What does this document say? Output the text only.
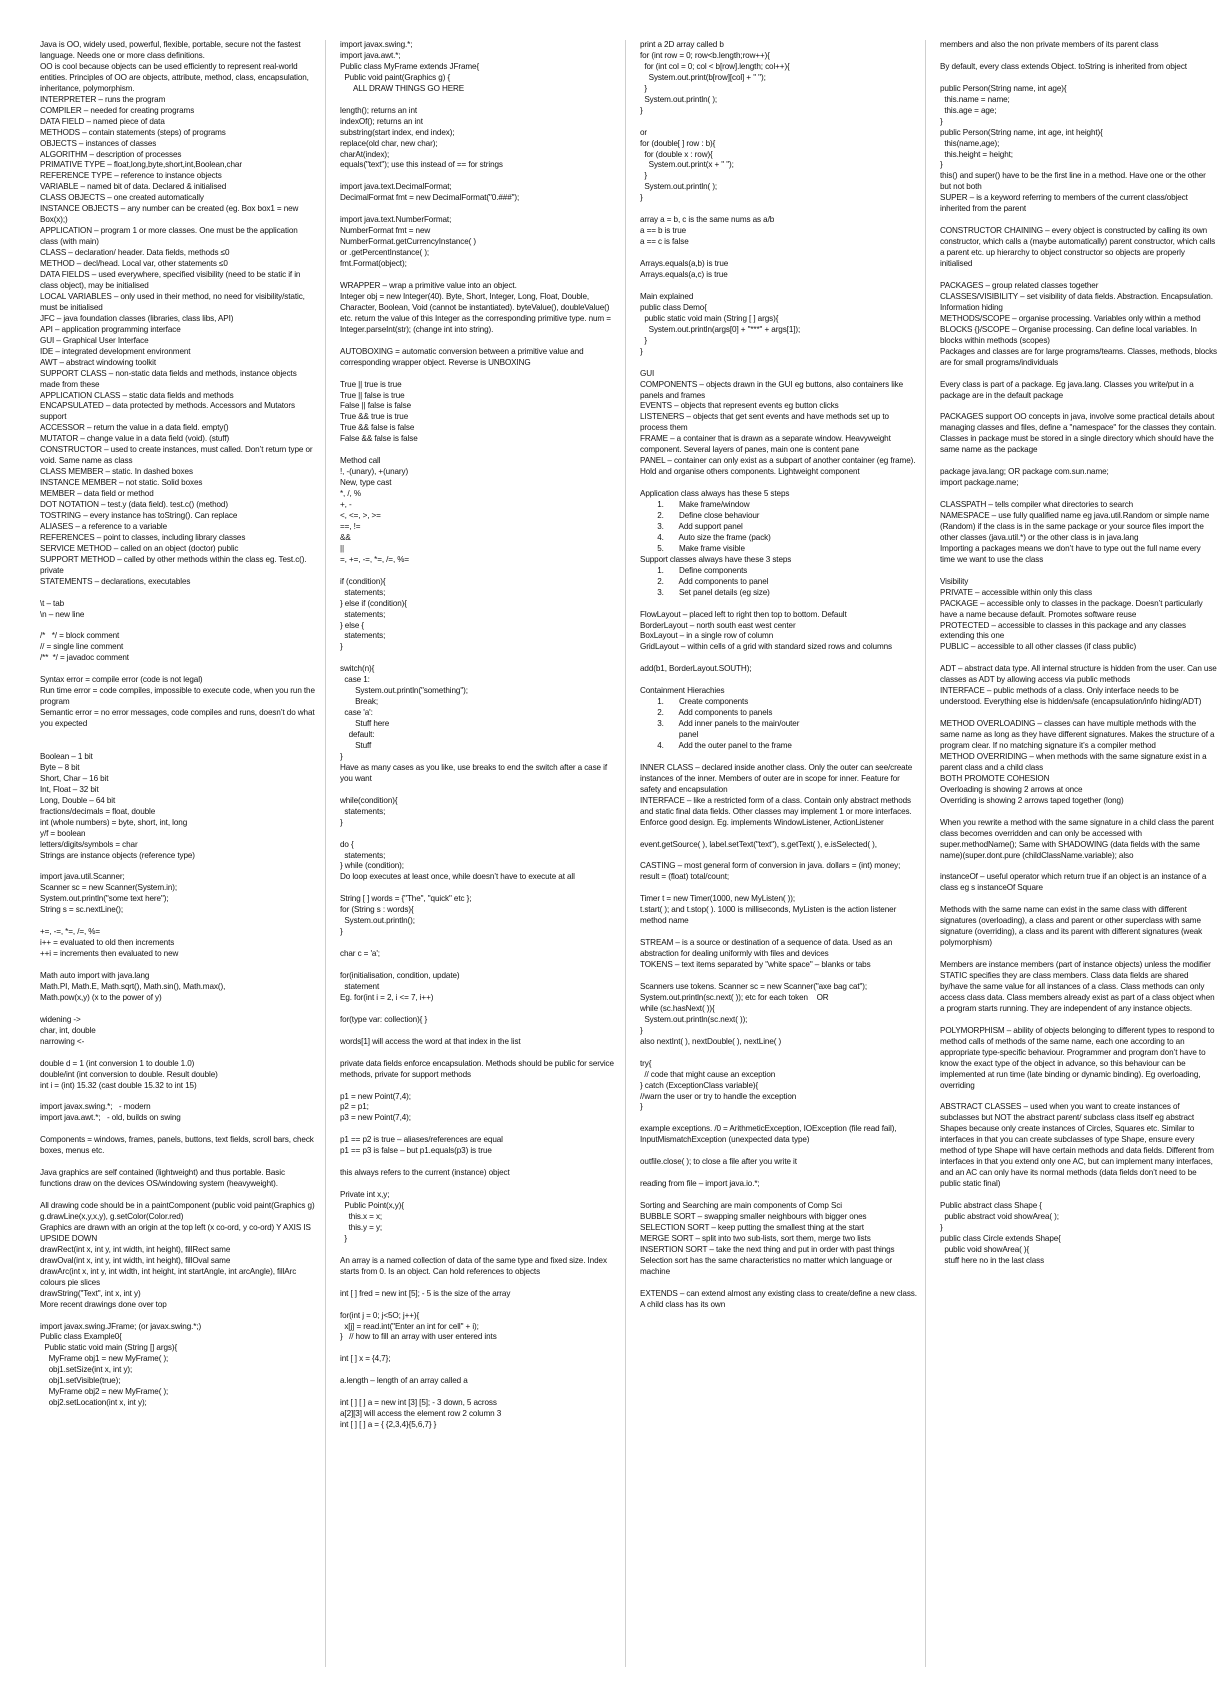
Java is OO, widely used, powerful, flexible, portable, secure not the fastest language. Needs one or more class definitions.
OO is cool because objects can be used efficiently to represent real-world entities. Principles of OO are objects, attribute, method, class, encapsulation, inheritance, polymorphism.
INTERPRETER – runs the program
COMPILER – needed for creating programs
DATA FIELD – named piece of data
METHODS – contain statements (steps) of programs
OBJECTS – instances of classes
ALGORITHM – description of processes
PRIMATIVE TYPE – float,long,byte,short,int,Boolean,char
REFERENCE TYPE – reference to instance objects
VARIABLE – named bit of data. Declared & initialised
CLASS OBJECTS – one created automatically
INSTANCE OBJECTS – any number can be created (eg. Box box1 = new Box(x);)
APPLICATION – program 1 or more classes. One must be the application class (with main)
CLASS – declaration/ header. Data fields, methods ≤0
METHOD – decl/head. Local var, other statements ≤0
DATA FIELDS – used everywhere, specified visibility (need to be static if in class object), may be initialised
LOCAL VARIABLES – only used in their method, no need for visibility/static, must be initialised
JFC – java foundation classes (libraries, class libs, API)
API – application programming interface
GUI – Graphical User Interface
IDE – integrated development environment
AWT – abstract windowing toolkit
SUPPORT CLASS – non-static data fields and methods, instance objects made from these
APPLICATION CLASS – static data fields and methods
ENCAPSULATED – data protected by methods. Accessors and Mutators support
ACCESSOR – return the value in a data field. empty()
MUTATOR – change value in a data field (void). (stuff)
CONSTRUCTOR – used to create instances, must called. Don’t return type or void. Same name as class
CLASS MEMBER – static. In dashed boxes
INSTANCE MEMBER – not static. Solid boxes
MEMBER – data field or method
DOT NOTATION – test.y (data field). test.c() (method)
TOSTRING – every instance has toString(). Can replace
ALIASES – a reference to a variable
REFERENCES – point to classes, including library classes
SERVICE METHOD – called on an object (doctor) public
SUPPORT METHOD – called by other methods within the class eg. Test.c(). private
STATEMENTS – declarations, executables

\t – tab
\n – new line

/*   */ = block comment
// = single line comment
/**  */ = javadoc comment

Syntax error = compile error (code is not legal)
Run time error = code compiles, impossible to execute code, when you run the program
Semantic error = no error messages, code compiles and runs, doesn’t do what you expected

Boolean – 1 bit
Byte – 8 bit
Short, Char – 16 bit
Int, Float – 32 bit
Long, Double – 64 bit
fractions/decimals = float, double
int (whole numbers) = byte, short, int, long
y/f = boolean
letters/digits/symbols = char
Strings are instance objects (reference type)

import java.util.Scanner;
Scanner sc = new Scanner(System.in);
System.out.println("some text here");
String s = sc.nextLine();

+=, -=, *=, /=, %=
i++ = evaluated to old then increments
++i = increments then evaluated to new

Math auto import with java.lang
Math.PI, Math.E, Math.sqrt(), Math.sin(), Math.max(),
Math.pow(x,y) (x to the power of y)

widening ->
char, int, double
narrowing <-

double d = 1 (int conversion 1 to double 1.0)
double/int (int conversion to double. Result double)
int i = (int) 15.32 (cast double 15.32 to int 15)

import javax.swing.*;   - modern
import java.awt.*;   - old, builds on swing

Components = windows, frames, panels, buttons, text fields, scroll bars, check boxes, menus etc.

Java graphics are self contained (lightweight) and thus portable. Basic functions draw on the devices OS/windowing system (heavyweight).

All drawing code should be in a paintComponent (public void paint(Graphics g)
g.drawLine(x,y,x,y), g.setColor(Color.red)
Graphics are drawn with an origin at the top left (x co-ord, y co-ord) Y AXIS IS UPSIDE DOWN
drawRect(int x, int y, int width, int height), fillRect same
drawOval(int x, int y, int width, int height), fillOval same
drawArc(int x, int y, int width, int height, int startAngle, int arcAngle), fillArc colours pie slices
drawString("Text", int x, int y)
More recent drawings done over top

import javax.swing.JFrame; (or javax.swing.*;)
Public class Example0{
Public static void main (String [] args){
MyFrame obj1 = new MyFrame( );
obj1.setSize(int x, int y);
obj1.setVisible(true);
MyFrame obj2 = new MyFrame( );
obj2.setLocation(int x, int y);
import javax.swing.*;
import java.awt.*;
Public class MyFrame extends JFrame{
Public void paint(Graphics g) {
ALL DRAW THINGS GO HERE

length(); returns an int
indexOf(); returns an int
substring(start index, end index);
replace(old char, new char);
charAt(index);
equals("text"); use this instead of == for strings

import java.text.DecimalFormat;
DecimalFormat fmt = new DecimalFormat("0.###");

import java.text.NumberFormat;
NumberFormat fmt = new
NumberFormat.getCurrencyInstance( )
or .getPercentInstance( );
fmt.Format(object);

WRAPPER – wrap a primitive value into an object.
Integer obj = new Integer(40). Byte, Short, Integer, Long, Float, Double, Character, Boolean, Void (cannot be instantiated). byteValue(), doubleValue() etc. return the value of this Integer as the corresponding primitive type. num = Integer.parseInt(str); (change int into string).

AUTOBOXING = automatic conversion between a primitive value and corresponding wrapper object. Reverse is UNBOXING

True || true is true
True || false is true
False || false is false
True && true is true
True && false is false
False && false is false

Method call
!, -(unary), +(unary)
New, type cast
*, /, %
+, -
<, <=, >, >=
==, !=
&&
||
=, +=, -=, *=, /=, %=

if (condition){
statements;
} else if (condition){
statements;
} else {
statements;
}

switch(n){
case 1:
System.out.println("something");
Break;
case 'a':
Stuff here
default:
Stuff
}
Have as many cases as you like, use breaks to end the switch after a case if you want

while(condition){
statements;
}

do {
statements;
} while (condition);
Do loop executes at least once, while doesn’t have to execute at all

String [ ] words = {"The", "quick" etc };
for (String s : words){
System.out.println();
}

char c = 'a';

for(initialisation, condition, update)
statement
Eg. for(int i = 2, i <= 7, i++)

for(type var: collection){ }

words[1] will access the word at that index in the list

private data fields enforce encapsulation. Methods should be public for service methods, private for support methods

p1 = new Point(7,4);
p2 = p1;
p3 = new Point(7,4);

p1 == p2 is true – aliases/references are equal
p1 == p3 is false – but p1.equals(p3) is true

this always refers to the current (instance) object

Private int x,y;
Public Point(x,y){
this.x = x;
this.y = y;
}

An array is a named collection of data of the same type and fixed size. Index starts from 0. Is an object. Can hold references to objects

int [ ] fred = new int [5]; - 5 is the size of the array

for(int j = 0; j<5O; j++){
x[j] = read.int("Enter an int for cell" + i);
}   // how to fill an array with user entered ints

int [ ] x = {4,7};

a.length – length of an array called a

int [ ] [ ] a = new int [3] [5]; - 3 down, 5 across
a[2][3] will access the element row 2 column 3
int [ ] [ ] a = { {2,3,4}{5,6,7} }
print a 2D array called b
for (int row = 0; row<b.length;row++){
for (int col = 0; col < b[row].length; col++){
System.out.print(b[row][col] + " ");
}
System.out.println( );
}

or
for (double[ ] row : b){
for (double x : row){
System.out.print(x + " ");
}
System.out.println( );
}

array a = b, c is the same nums as a/b
a == b is true
a == c is false

Arrays.equals(a,b) is true
Arrays.equals(a,c) is true

Main explained
public class Demo{
public static void main (String [ ] args){
System.out.println(args[0] + "***" + args[1]);
}
}

GUI
COMPONENTS – objects drawn in the GUI eg buttons, also containers like panels and frames
EVENTS – objects that represent events eg button clicks
LISTENERS – objects that get sent events and have methods set up to process them
FRAME – a container that is drawn as a separate window. Heavyweight component. Several layers of panes, main one is content pane
PANEL – container can only exist as a subpart of another container (eg frame). Hold and organise others components. Lightweight component

Application class always has these 5 steps
1.       Make frame/window
2.       Define close behaviour
3.       Add support panel
4.       Auto size the frame (pack)
5.       Make frame visible
Support classes always have these 3 steps
1.       Define components
2.       Add components to panel
3.       Set panel details (eg size)

FlowLayout – placed left to right then top to bottom. Default
BorderLayout – north south east west center
BoxLayout – in a single row of column
GridLayout – within cells of a grid with standard sized rows and columns

add(b1, BorderLayout.SOUTH);

Containment Hierachies
1.       Create components
2.       Add components to panels
3.       Add inner panels to the main/outer
panel
4.       Add the outer panel to the frame

INNER CLASS – declared inside another class. Only the outer can see/create instances of the inner. Members of outer are in scope for inner. Feature for safety and encapsulation
INTERFACE – like a restricted form of a class. Contain only abstract methods and static final data fields. Other classes may implement 1 or more interfaces. Enforce good design. Eg. implements WindowListener, ActionListener

event.getSource( ), label.setText("text"), s.getText( ), e.isSelected( ),

CASTING – most general form of conversion in java. dollars = (int) money; result = (float) total/count;

Timer t = new Timer(1000, new MyListen( ));
t.start( ); and t.stop( ). 1000 is milliseconds, MyListen is the action listener method name

STREAM – is a source or destination of a sequence of data. Used as an abstraction for dealing uniformly with files and devices
TOKENS – text items separated by "white space" – blanks or tabs

Scanners use tokens. Scanner sc = new Scanner("axe bag cat");
System.out.println(sc.next( )); etc for each token    OR
while (sc.hasNext( )){
System.out.println(sc.next( ));
}
also nextInt( ), nextDouble( ), nextLine( )

try{
// code that might cause an exception
} catch (ExceptionClass variable){
//warn the user or try to handle the exception
}

example exceptions. /0 = ArithmeticException, IOException (file read fail), InputMismatchException (unexpected data type)

outfile.close( ); to close a file after you write it

reading from file – import java.io.*;

Sorting and Searching are main components of Comp Sci
BUBBLE SORT – swapping smaller neighbours with bigger ones
SELECTION SORT – keep putting the smallest thing at the start
MERGE SORT – split into two sub-lists, sort them, merge two lists
INSERTION SORT – take the next thing and put in order with past things
Selection sort has the same characteristics no matter which language or machine

EXTENDS – can extend almost any existing class to create/define a new class. A child class has its own
members and also the non private members of its parent class

By default, every class extends Object. toString is inherited from object

public Person(String name, int age){
this.name = name;
this.age = age;
}
public Person(String name, int age, int height){
this(name,age);
this.height = height;
}
this() and super() have to be the first line in a method. Have one or the other but not both
SUPER – is a keyword referring to members of the current class/object inherited from the parent

CONSTRUCTOR CHAINING – every object is constructed by calling its own constructor, which calls a (maybe automatically) parent constructor, which calls a parent etc. up hierarchy to object constructor so objects are properly initialised

PACKAGES – group related classes together
CLASSES/VISIBILITY – set visibility of data fields. Abstraction. Encapsulation. Information hiding
METHODS/SCOPE – organise processing. Variables only within a method
BLOCKS {}/SCOPE – Organise processing. Can define local variables. In blocks within methods (scopes)
Packages and classes are for large programs/teams. Classes, methods, blocks are for small programs/individuals

Every class is part of a package. Eg java.lang. Classes you write/put in a package are in the default package

PACKAGES support OO concepts in java, involve some practical details about managing classes and files, define a "namespace" for the classes they contain. Classes in package must be stored in a single directory which should have the same name as the package

package java.lang; OR package com.sun.name;
import package.name;

CLASSPATH – tells compiler what directories to search
NAMESPACE – use fully qualified name eg java.util.Random or simple name (Random) if the class is in the same package or your source files import the other classes (java.util.*) or the other class is in java.lang
Importing a packages means we don’t have to type out the full name every time we want to use the class

Visibility
PRIVATE – accessible within only this class
PACKAGE – accessible only to classes in the package. Doesn’t particularly have a name because default. Promotes software reuse
PROTECTED – accessible to classes in this package and any classes extending this one
PUBLIC – accessible to all other classes (if class public)

ADT – abstract data type. All internal structure is hidden from the user. Can use classes as ADT by allowing access via public methods
INTERFACE – public methods of a class. Only interface needs to be understood. Everything else is hidden/safe (encapsulation/info hiding/ADT)

METHOD OVERLOADING – classes can have multiple methods with the same name as long as they have different signatures. Makes the structure of a program clear. If no matching signature it’s a compiler method
METHOD OVERRIDING – when methods with the same signature exist in a parent class and a child class
BOTH PROMOTE COHESION
Overloading is showing 2 arrows at once
Overriding is showing 2 arrows taped together (long)

When you rewrite a method with the same signature in a child class the parent class becomes overridden and can only be accessed with super.methodName(); Same with SHADOWING (data fields with the same name)(super.dont.pure (childClassName.variable); also

instanceOf – useful operator which return true if an object is an instance of a class eg s instanceOf Square

Methods with the same name can exist in the same class with different signatures (overloading), a class and parent or other superclass with same signature (overriding), a class and its parent with different signatures (weak polymorphism)

Members are instance members (part of instance objects) unless the modifier STATIC specifies they are class members. Class data fields are shared by/have the same value for all instances of a class. Class methods can only access class data. Class members already exist as part of a class object when a program starts running. They are independent of any instance objects.

POLYMORPHISM – ability of objects belonging to different types to respond to method calls of methods of the same name, each one according to an appropriate type-specific behaviour. Programmer and program don’t have to know the exact type of the object in advance, so this behaviour can be implemented at run time (late binding or dynamic binding). Eg overloading, overriding

ABSTRACT CLASSES – used when you want to create instances of subclasses but NOT the abstract parent/ subclass class itself eg abstract Shapes because only create instances of Circles, Squares etc. Similar to interfaces in that you can create subclasses of type Shape, ensure every method of type Shape will have certain methods and data fields. Different from interfaces in that you extend only one AC, but can implement many interfaces, and an AC can only have its normal methods (data fields don’t need to be public static final)

Public abstract class Shape {
public abstract void showArea( );
}
public class Circle extends Shape{
public void showArea( ){
stuff here no in the last class
